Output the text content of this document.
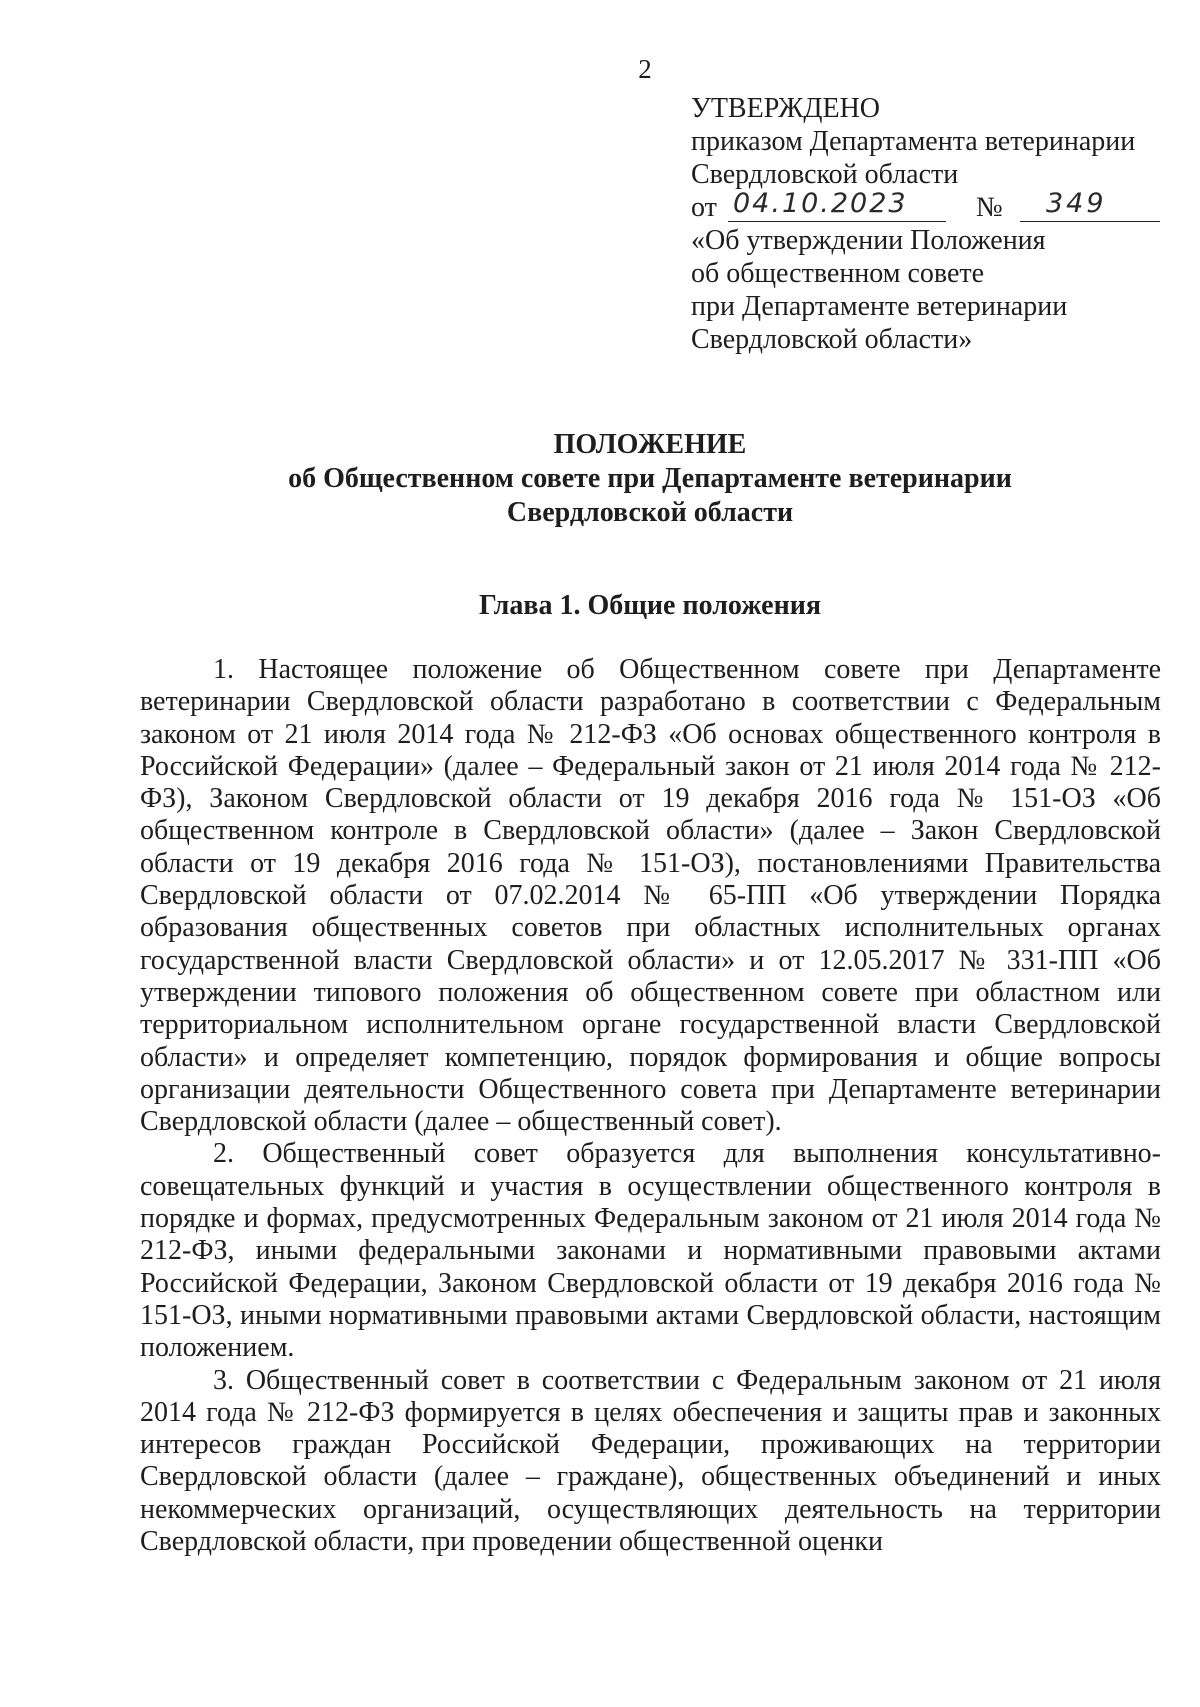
2
УТВЕРЖДЕНО
приказом Департамента ветеринарии
Свердловской области
от 04.10.2023 № 349
«Об утверждении Положения
об общественном совете
при Департаменте ветеринарии
Свердловской области»
ПОЛОЖЕНИЕ
об Общественном совете при Департаменте ветеринарии
Свердловской области
Глава 1. Общие положения

1. Настоящее положение об Общественном совете при Департаменте ветеринарии Свердловской области разработано в соответствии с Федеральным законом от 21 июля 2014 года № 212-ФЗ «Об основах общественного контроля в Российской Федерации» (далее – Федеральный закон от 21 июля 2014 года № 212- ФЗ), Законом Свердловской области от 19 декабря 2016 года № 151-ОЗ «Об общественном контроле в Свердловской области» (далее – Закон Свердловской области от 19 декабря 2016 года № 151-ОЗ), постановлениями Правительства Свердловской области от 07.02.2014 № 65-ПП «Об утверждении Порядка образования общественных советов при областных исполнительных органах государственной власти Свердловской области» и от 12.05.2017 № 331-ПП «Об утверждении типового положения об общественном совете при областном или территориальном исполнительном органе государственной власти Свердловской области» и определяет компетенцию, порядок формирования и общие вопросы организации деятельности Общественного совета при Департаменте ветеринарии Свердловской области (далее – общественный совет).

2. Общественный совет образуется для выполнения консультативно-совещательных функций и участия в осуществлении общественного контроля в порядке и формах, предусмотренных Федеральным законом от 21 июля 2014 года № 212-ФЗ, иными федеральными законами и нормативными правовыми актами Российской Федерации, Законом Свердловской области от 19 декабря 2016 года № 151-ОЗ, иными нормативными правовыми актами Свердловской области, настоящим положением.

3. Общественный совет в соответствии с Федеральным законом от 21 июля 2014 года № 212-ФЗ формируется в целях обеспечения и защиты прав и законных интересов граждан Российской Федерации, проживающих на территории Свердловской области (далее – граждане), общественных объединений и иных некоммерческих организаций, осуществляющих деятельность на территории Свердловской области, при проведении общественной оценки
